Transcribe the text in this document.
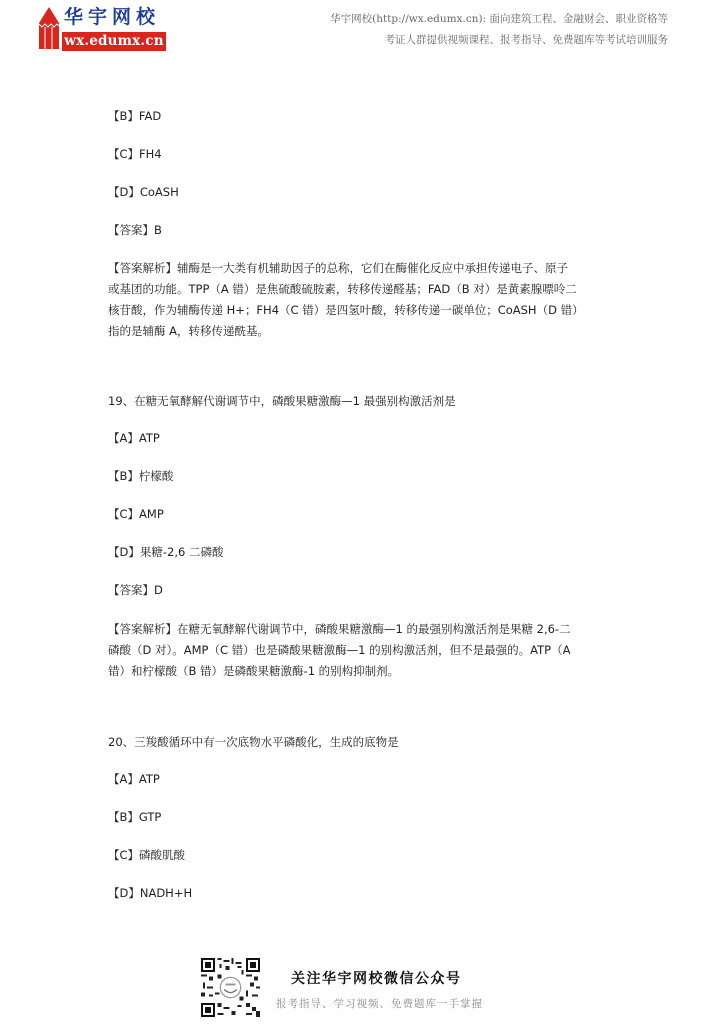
华宇网校
wx.edumx.cn
华宇网校(http://wx.edumx.cn): 面向建筑工程、金融财会、职业资格等
考证人群提供视频课程、报考指导、免费题库等考试培训服务
【B】FAD
【C】FH4
【D】CoASH
【答案】B
【答案解析】辅酶是一大类有机辅助因子的总称，它们在酶催化反应中承担传递电子、原子
或基团的功能。TPP（A 错）是焦硫酸硫胺素，转移传递醛基；FAD（B 对）是黄素腺嘌呤二
核苷酸，作为辅酶传递 H+；FH4（C 错）是四氢叶酸，转移传递一碳单位；CoASH（D 错）
指的是辅酶 A，转移传递酰基。
19、在糖无氧酵解代谢调节中，磷酸果糖激酶—1 最强别构激活剂是
【A】ATP
【B】柠檬酸
【C】AMP
【D】果糖-2,6 二磷酸
【答案】D
【答案解析】在糖无氧酵解代谢调节中，磷酸果糖激酶—1 的最强别构激活剂是果糖 2,6-二
磷酸（D 对）。AMP（C 错）也是磷酸果糖激酶—1 的别构激活剂，但不是最强的。ATP（A
错）和柠檬酸（B 错）是磷酸果糖激酶-1 的别构抑制剂。
20、三羧酸循环中有一次底物水平磷酸化，生成的底物是
【A】ATP
【B】GTP
【C】磷酸肌酸
【D】NADH+H
关注华宇网校微信公众号
报考指导、学习视频、免费题库一手掌握
